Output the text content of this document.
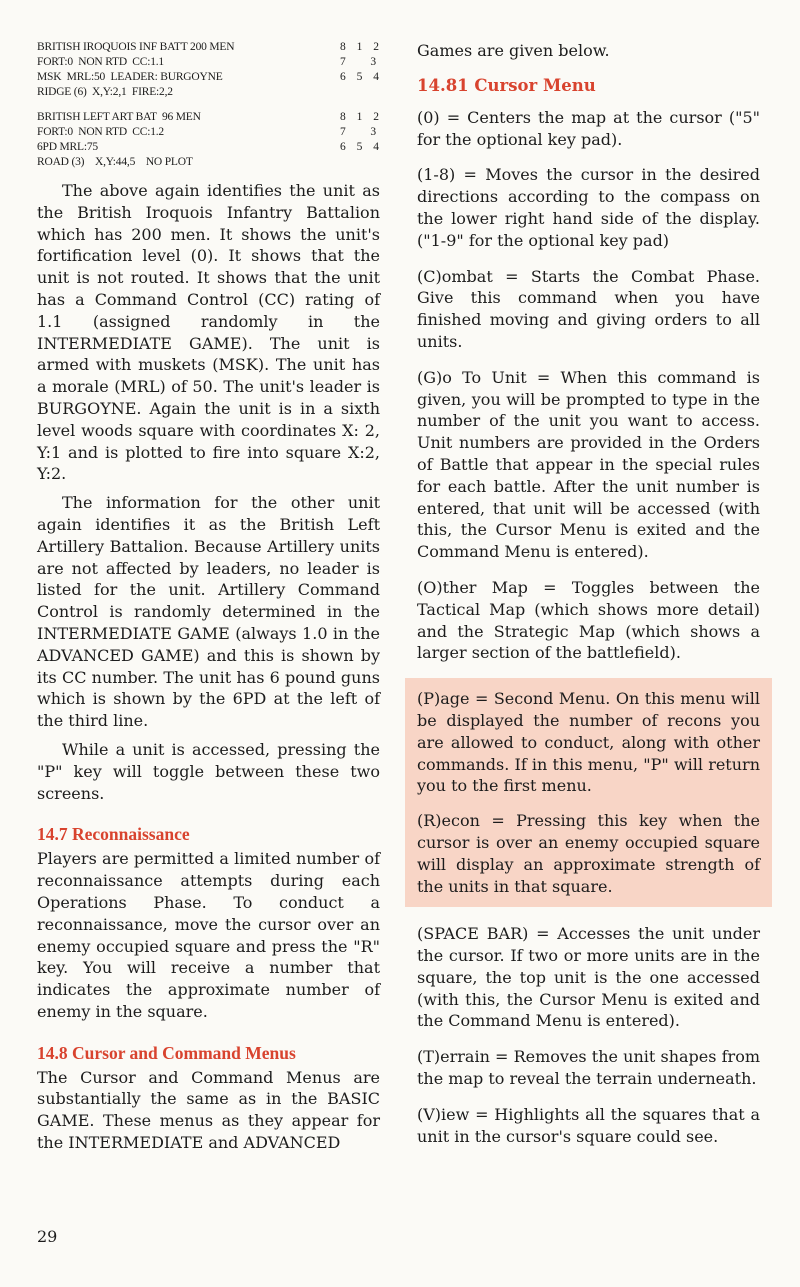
BRITISH IROQUOIS INF BATT 200 MEN	8 1 2
FORT:0  NON RTD  CC:1.1	7   3
MSK  MRL:50  LEADER: BURGOYNE	6 5 4
RIDGE (6)  X,Y:2,1  FIRE:2,2
BRITISH LEFT ART BAT  96 MEN	8 1 2
FORT:0  NON RTD  CC:1.2	7   3
6PD MRL:75	6 5 4
ROAD (3)    X,Y:44,5    NO PLOT

The above again identifies the unit as the British Iroquois Infantry Battalion which has 200 men. It shows the unit's fortification level (0). It shows that the unit is not routed. It shows that the unit has a Command Control (CC) rating of 1.1 (assigned randomly in the INTERMEDIATE GAME). The unit is armed with muskets (MSK). The unit has a morale (MRL) of 50. The unit's leader is BURGOYNE. Again the unit is in a sixth level woods square with coordinates X: 2, Y:1 and is plotted to fire into square X:2, Y:2.

The information for the other unit again identifies it as the British Left Artillery Battalion. Because Artillery units are not affected by leaders, no leader is listed for the unit. Artillery Command Control is randomly determined in the INTERMEDIATE GAME (always 1.0 in the ADVANCED GAME) and this is shown by its CC number. The unit has 6 pound guns which is shown by the 6PD at the left of the third line.

While a unit is accessed, pressing the "P" key will toggle between these two screens.

14.7 Reconnaissance

Players are permitted a limited number of reconnaissance attempts during each Operations Phase. To conduct a reconnaissance, move the cursor over an enemy occupied square and press the "R" key. You will receive a number that indicates the approximate number of enemy in the square.

14.8 Cursor and Command Menus

The Cursor and Command Menus are substantially the same as in the BASIC GAME. These menus as they appear for the INTERMEDIATE and ADVANCED

Games are given below.

14.81 Cursor Menu

(0) = Centers the map at the cursor ("5" for the optional key pad).

(1-8) = Moves the cursor in the desired directions according to the compass on the lower right hand side of the display. ("1-9" for the optional key pad)

(C)ombat = Starts the Combat Phase. Give this command when you have finished moving and giving orders to all units.

(G)o To Unit = When this command is given, you will be prompted to type in the number of the unit you want to access. Unit numbers are provided in the Orders of Battle that appear in the special rules for each battle. After the unit number is entered, that unit will be accessed (with this, the Cursor Menu is exited and the Command Menu is entered).

(O)ther Map = Toggles between the Tactical Map (which shows more detail) and the Strategic Map (which shows a larger section of the battlefield).

(P)age = Second Menu. On this menu will be displayed the number of recons you are allowed to conduct, along with other commands. If in this menu, "P" will return you to the first menu.

(R)econ = Pressing this key when the cursor is over an enemy occupied square will display an approximate strength of the units in that square.

(SPACE BAR) = Accesses the unit under the cursor. If two or more units are in the square, the top unit is the one accessed (with this, the Cursor Menu is exited and the Command Menu is entered).

(T)errain = Removes the unit shapes from the map to reveal the terrain underneath.

(V)iew = Highlights all the squares that a unit in the cursor's square could see.

29
